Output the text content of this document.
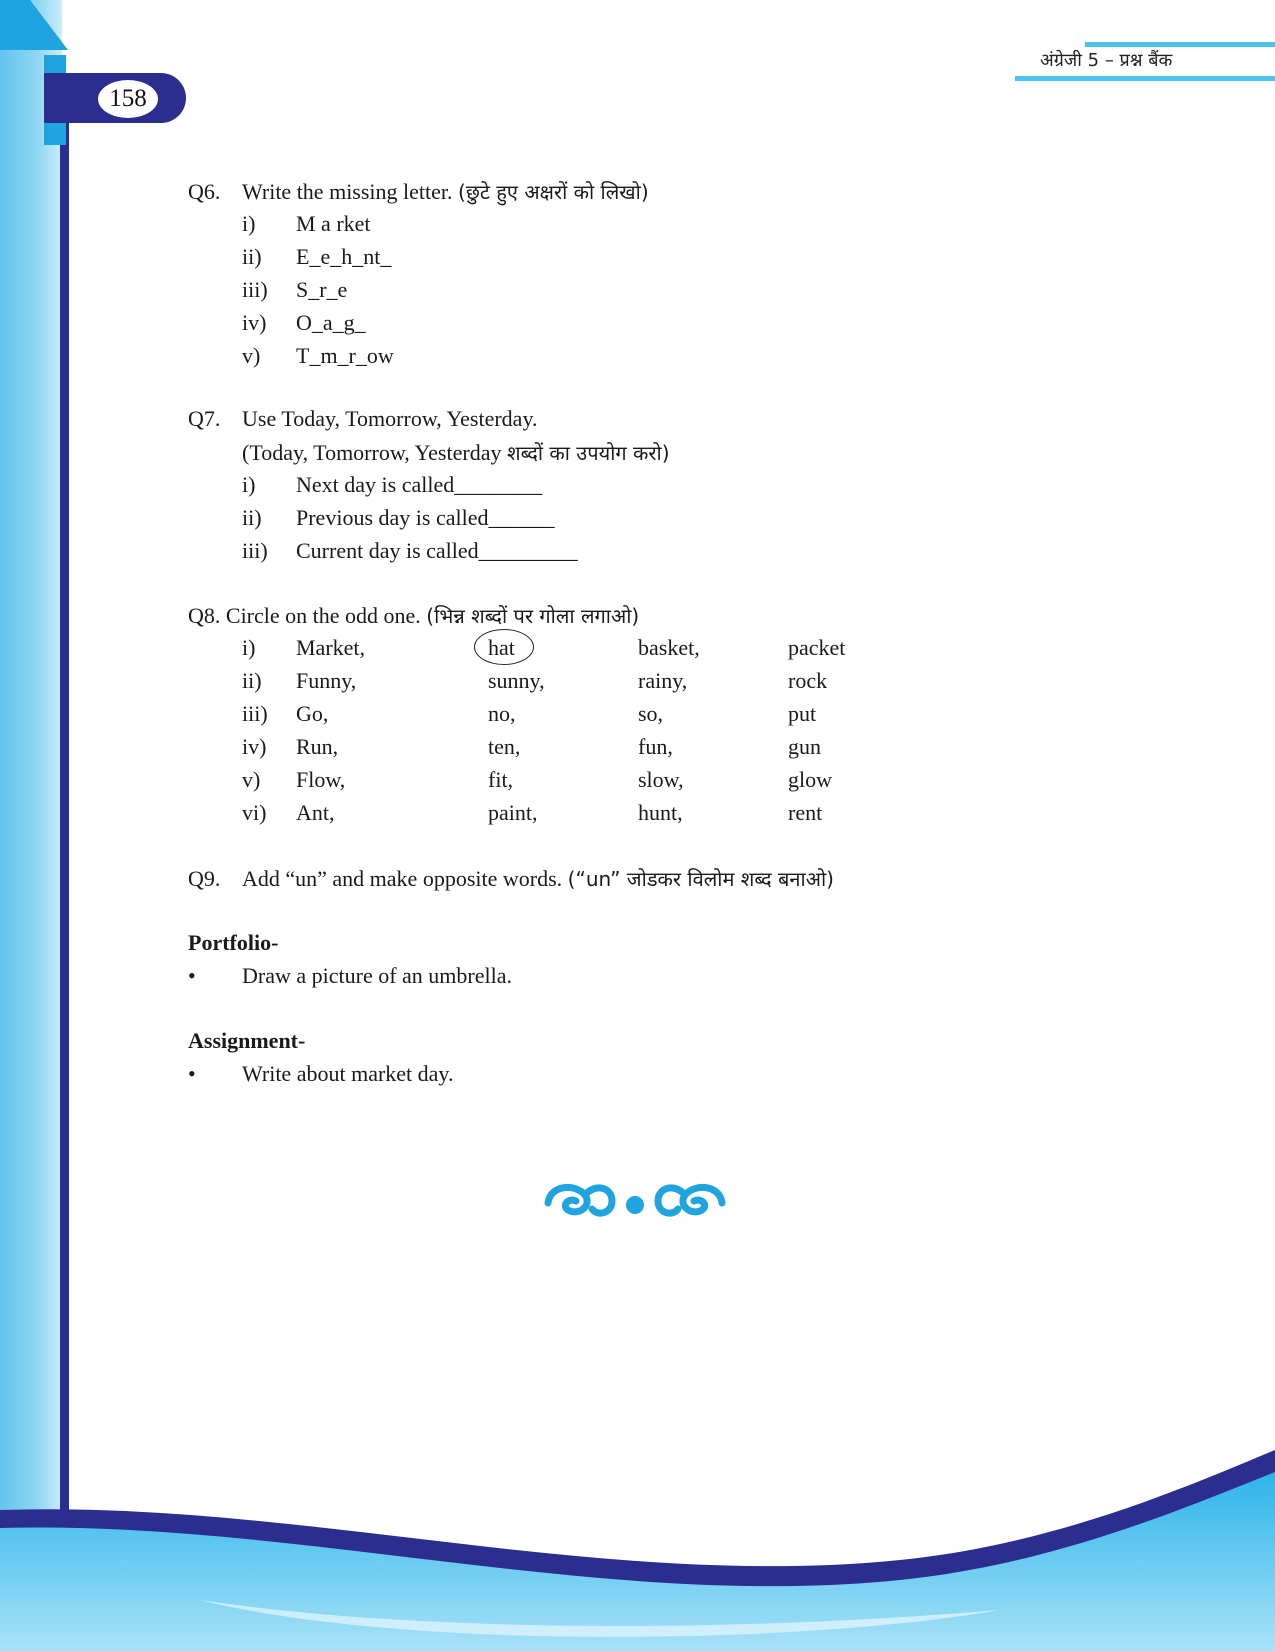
158
अंग्रेजी 5 – प्रश्न बैंक
Q6. Write the missing letter. (छुटे हुए अक्षरों को लिखो)
i) M a rket
ii) E_e_h_nt_
iii) S_r_e
iv) O_a_g_
v) T_m_r_ow
Q7. Use Today, Tomorrow, Yesterday.
(Today, Tomorrow, Yesterday शब्दों का उपयोग करो)
i) Next day is called________
ii) Previous day is called______
iii) Current day is called_________
Q8. Circle on the odd one. (भिन्न शब्दों पर गोला लगाओ)
i) Market,	hat	basket,	packet
ii) Funny,	sunny,	rainy,	rock
iii) Go,	no,	so,	put
iv) Run,	ten,	fun,	gun
v) Flow,	fit,	slow,	glow
vi) Ant,	paint,	hunt,	rent
Q9. Add “un” and make opposite words. (“un” जोडकर विलोम शब्द बनाओ)
Portfolio-
• Draw a picture of an umbrella.
Assignment-
• Write about market day.
